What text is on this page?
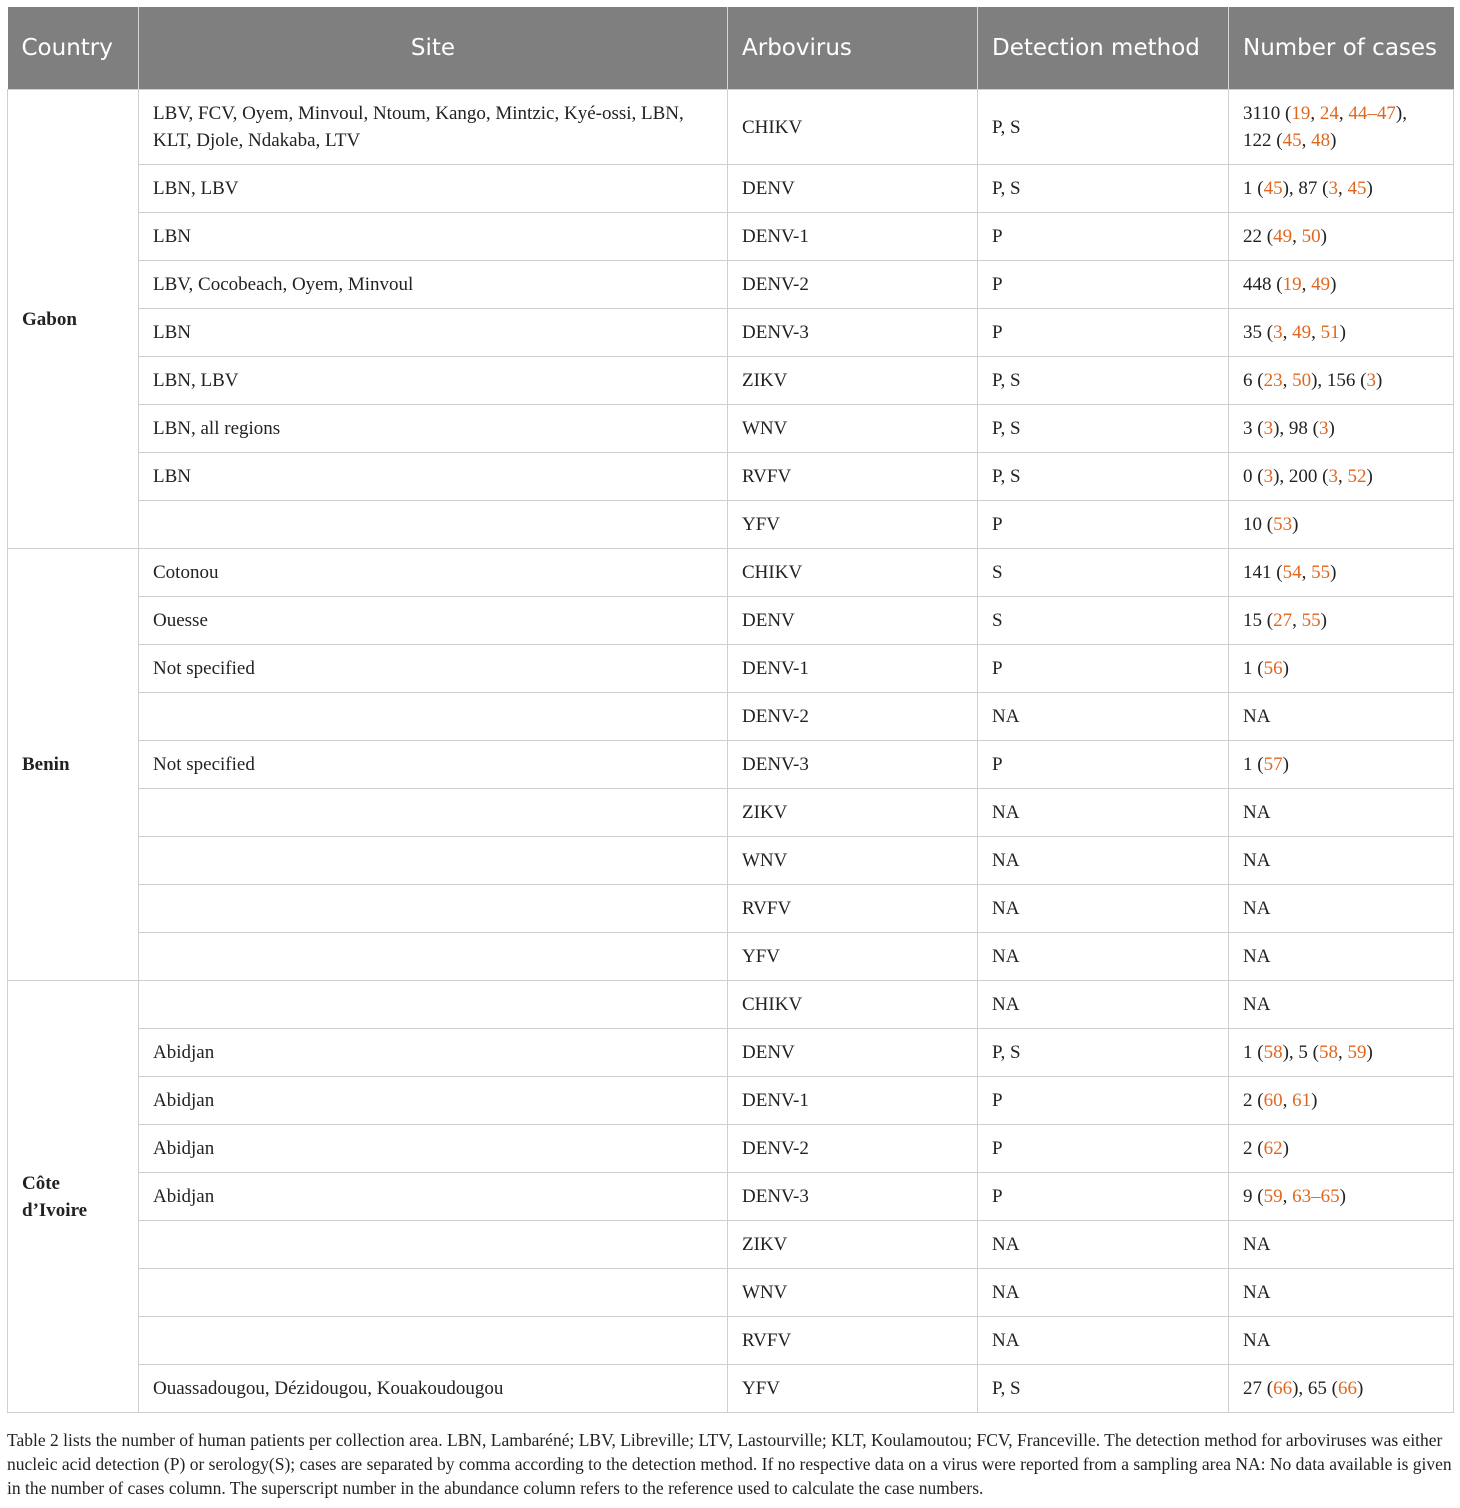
Country	Site	Arbovirus	Detection method	Number of cases
Gabon	LBV, FCV, Oyem, Minvoul, Ntoum, Kango, Mintzic, Kyé-ossi, LBN, KLT, Djole, Ndakaba, LTV	CHIKV	P, S	3110 (19, 24, 44–47), 122 (45, 48)
	LBN, LBV	DENV	P, S	1 (45), 87 (3, 45)
	LBN	DENV-1	P	22 (49, 50)
	LBV, Cocobeach, Oyem, Minvoul	DENV-2	P	448 (19, 49)
	LBN	DENV-3	P	35 (3, 49, 51)
	LBN, LBV	ZIKV	P, S	6 (23, 50), 156 (3)
	LBN, all regions	WNV	P, S	3 (3), 98 (3)
	LBN	RVFV	P, S	0 (3), 200 (3, 52)
		YFV	P	10 (53)
Benin	Cotonou	CHIKV	S	141 (54, 55)
	Ouesse	DENV	S	15 (27, 55)
	Not specified	DENV-1	P	1 (56)
		DENV-2	NA	NA
	Not specified	DENV-3	P	1 (57)
		ZIKV	NA	NA
		WNV	NA	NA
		RVFV	NA	NA
		YFV	NA	NA
Côte d’Ivoire		CHIKV	NA	NA
	Abidjan	DENV	P, S	1 (58), 5 (58, 59)
	Abidjan	DENV-1	P	2 (60, 61)
	Abidjan	DENV-2	P	2 (62)
	Abidjan	DENV-3	P	9 (59, 63–65)
		ZIKV	NA	NA
		WNV	NA	NA
		RVFV	NA	NA
	Ouassadougou, Dézidougou, Kouakoudougou	YFV	P, S	27 (66), 65 (66)
Table 2 lists the number of human patients per collection area. LBN, Lambaréné; LBV, Libreville; LTV, Lastourville; KLT, Koulamoutou; FCV, Franceville. The detection method for arboviruses was either nucleic acid detection (P) or serology(S); cases are separated by comma according to the detection method. If no respective data on a virus were reported from a sampling area NA: No data available is given in the number of cases column. The superscript number in the abundance column refers to the reference used to calculate the case numbers.
